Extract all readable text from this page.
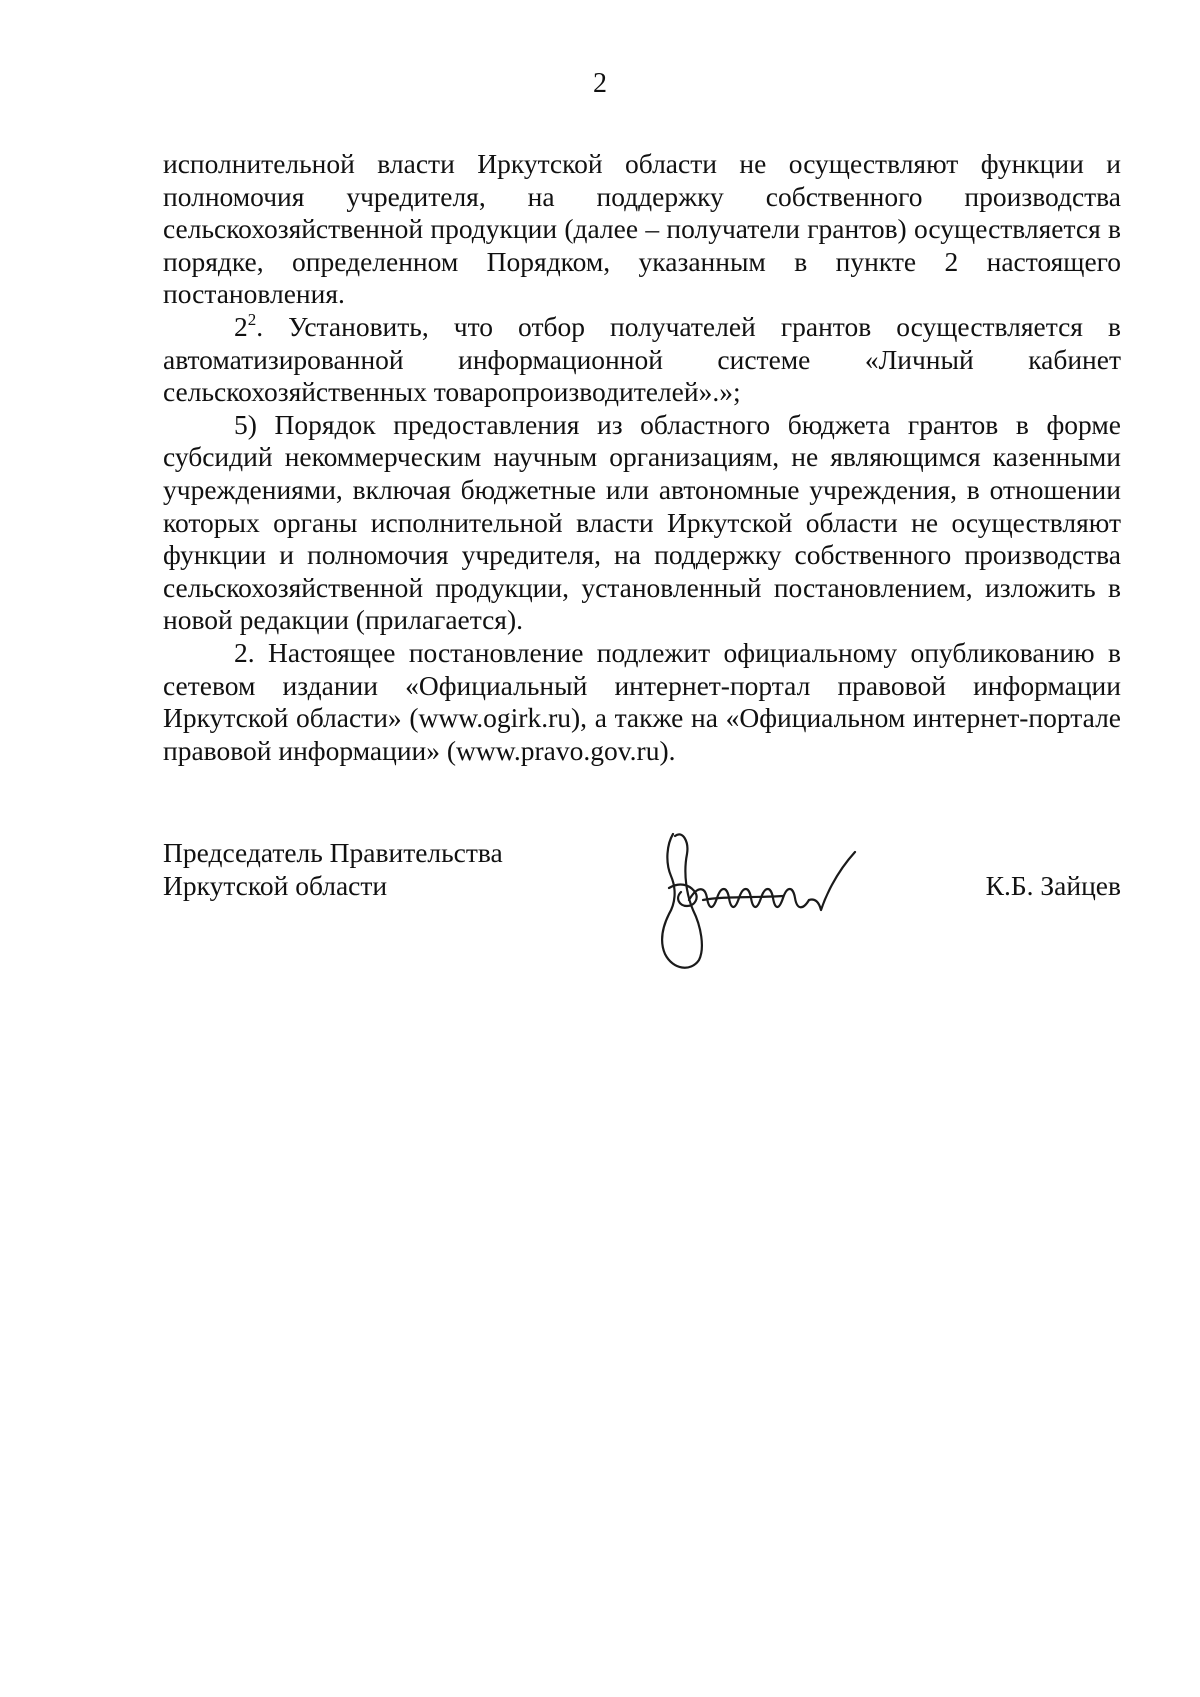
2

исполнительной власти Иркутской области не осуществляют функции и полномочия учредителя, на поддержку собственного производства сельскохозяйственной продукции (далее – получатели грантов) осуществляется в порядке, определенном Порядком, указанным в пункте 2 настоящего постановления.

$2^2$. Установить, что отбор получателей грантов осуществляется в автоматизированной информационной системе «Личный кабинет сельскохозяйственных товаропроизводителей».»;

5) Порядок предоставления из областного бюджета грантов в форме субсидий некоммерческим научным организациям, не являющимся казенными учреждениями, включая бюджетные или автономные учреждения, в отношении которых органы исполнительной власти Иркутской области не осуществляют функции и полномочия учредителя, на поддержку собственного производства сельскохозяйственной продукции, установленный постановлением, изложить в новой редакции (прилагается).

2. Настоящее постановление подлежит официальному опубликованию в сетевом издании «Официальный интернет-портал правовой информации Иркутской области» (www.ogirk.ru), а также на «Официальном интернет-портале правовой информации» (www.pravo.gov.ru).

Председатель Правительства
Иркутской области	К.Б. Зайцев
